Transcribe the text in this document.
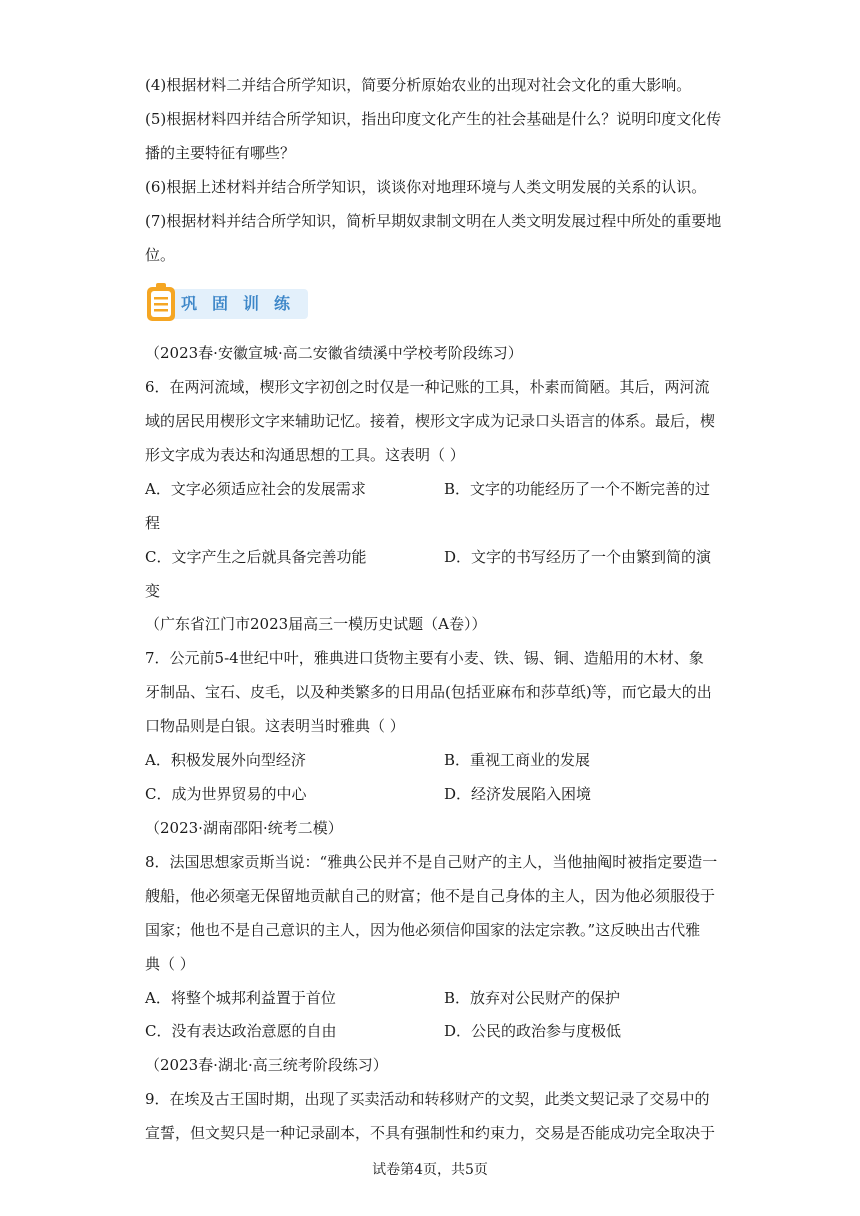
(4)根据材料二并结合所学知识，简要分析原始农业的出现对社会文化的重大影响。
(5)根据材料四并结合所学知识，指出印度文化产生的社会基础是什么？说明印度文化传
播的主要特征有哪些？
(6)根据上述材料并结合所学知识，谈谈你对地理环境与人类文明发展的关系的认识。
(7)根据材料并结合所学知识，简析早期奴隶制文明在人类文明发展过程中所处的重要地
位。
巩固训练
（2023春·安徽宣城·高二安徽省绩溪中学校考阶段练习）
6．在两河流域，楔形文字初创之时仅是一种记账的工具，朴素而简陋。其后，两河流
域的居民用楔形文字来辅助记忆。接着，楔形文字成为记录口头语言的体系。最后，楔
形文字成为表达和沟通思想的工具。这表明（ ）
A．文字必须适应社会的发展需求	B．文字的功能经历了一个不断完善的过
程
C．文字产生之后就具备完善功能	D．文字的书写经历了一个由繁到简的演
变
（广东省江门市2023届高三一模历史试题（A卷））
7．公元前5-4世纪中叶，雅典进口货物主要有小麦、铁、锡、铜、造船用的木材、象
牙制品、宝石、皮毛，以及种类繁多的日用品(包括亚麻布和莎草纸)等，而它最大的出
口物品则是白银。这表明当时雅典（ ）
A．积极发展外向型经济	B．重视工商业的发展
C．成为世界贸易的中心	D．经济发展陷入困境
（2023·湖南邵阳·统考二模）
8．法国思想家贡斯当说：“雅典公民并不是自己财产的主人，当他抽阄时被指定要造一
艘船，他必须毫无保留地贡献自己的财富；他不是自己身体的主人，因为他必须服役于
国家；他也不是自己意识的主人，因为他必须信仰国家的法定宗教。”这反映出古代雅
典（ ）
A．将整个城邦利益置于首位	B．放弃对公民财产的保护
C．没有表达政治意愿的自由	D．公民的政治参与度极低
（2023春·湖北·高三统考阶段练习）
9．在埃及古王国时期，出现了买卖活动和转移财产的文契，此类文契记录了交易中的
宣誓，但文契只是一种记录副本，不具有强制性和约束力，交易是否能成功完全取决于
试卷第4页，共5页
